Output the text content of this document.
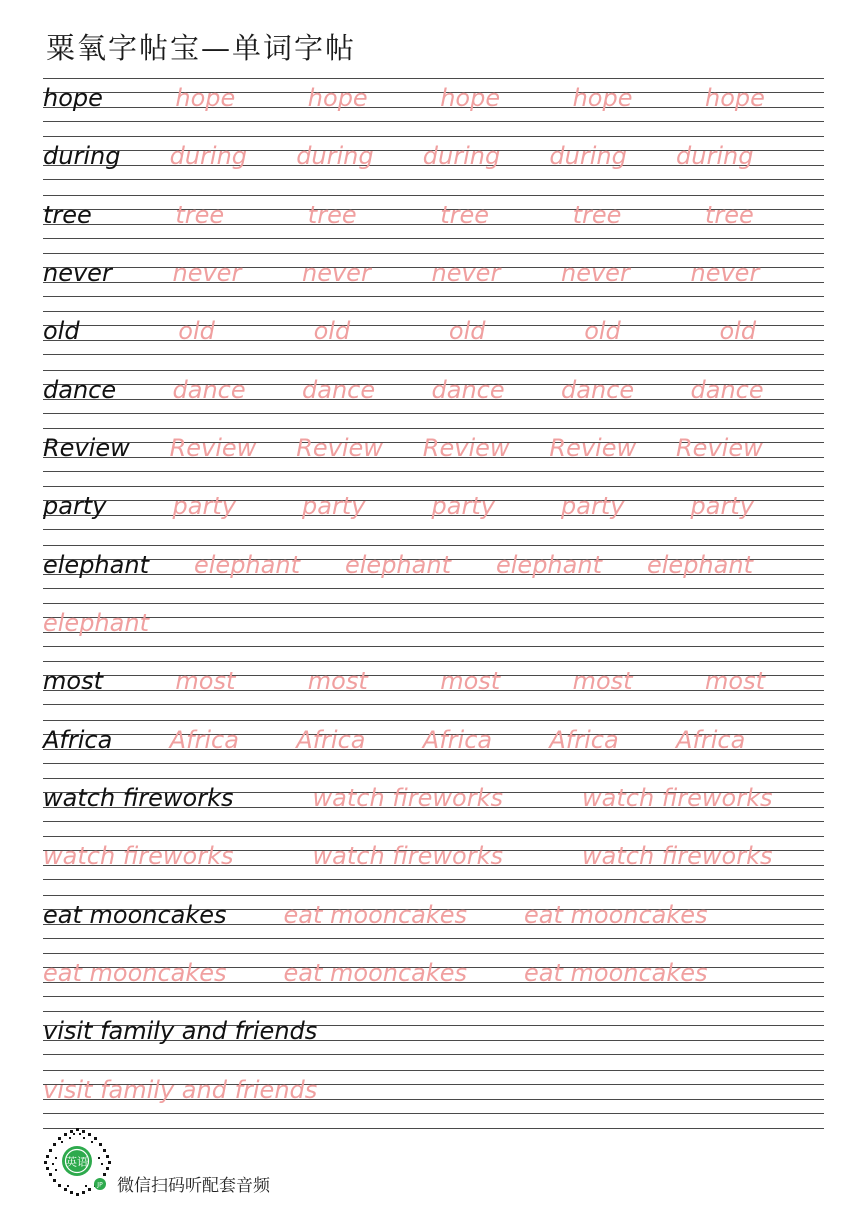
粟氧字帖宝—单词字帖
hope	hope	hope	hope	hope	hope
during during during during during during
tree	tree	tree	tree	tree	tree
never	never	never	never	never	never
old	old	old	old	old	old
dance dance dance dance dance dance
Review Review Review Review Review Review
party	party	party	party	party	party
elephant elephant elephant elephant elephant
elephant
most	most	most	most	most	most
Africa Africa Africa Africa Africa Africa
watch fireworks	watch fireworks	watch fireworks
watch fireworks	watch fireworks	watch fireworks
eat mooncakes eat mooncakes eat mooncakes
eat mooncakes eat mooncakes eat mooncakes
visit family and friends
visit family and friends
英语
JP 微信扫码听配套音频
